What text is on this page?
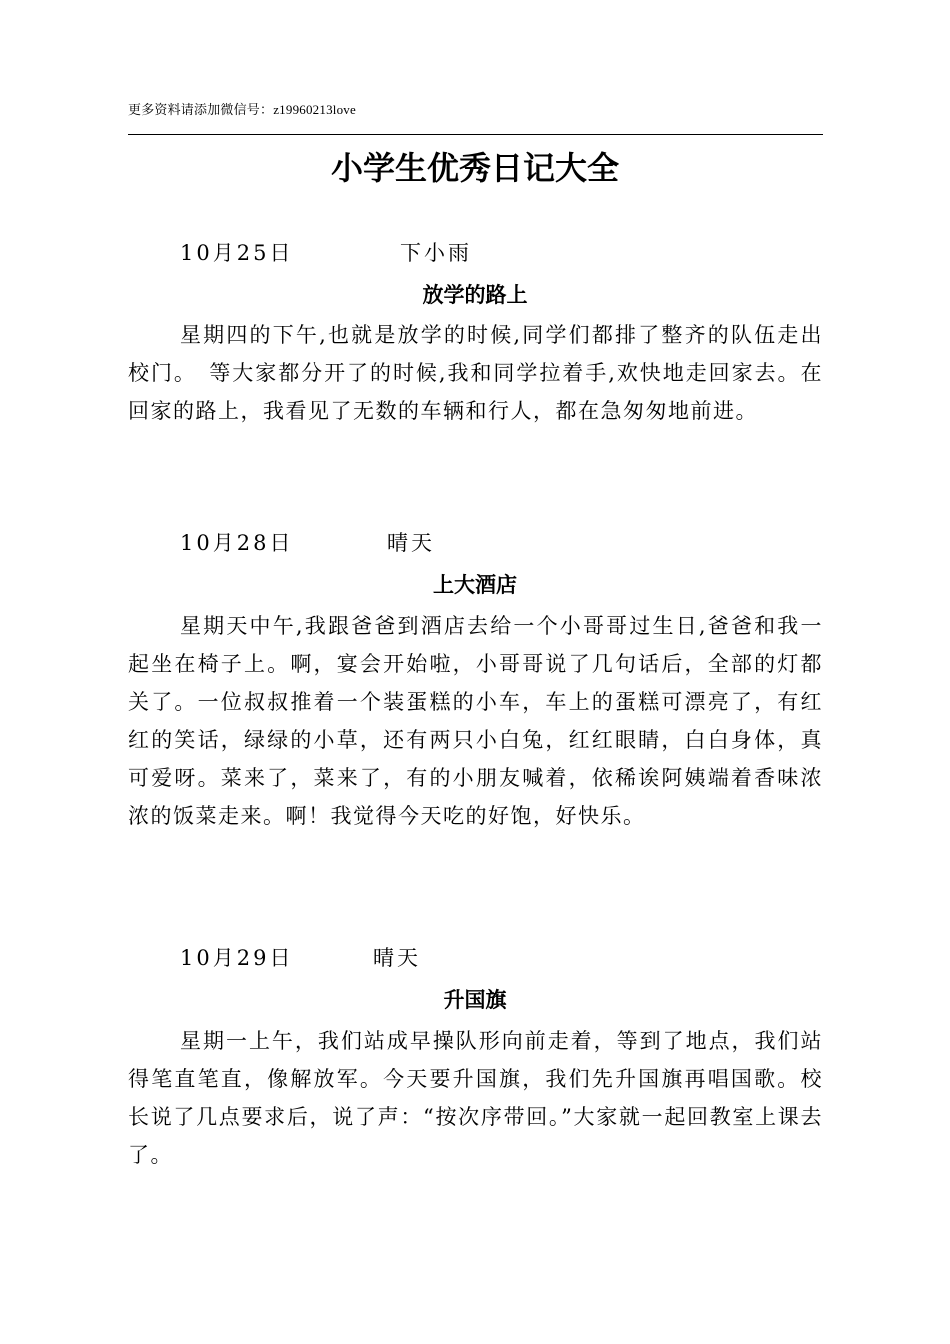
更多资料请添加微信号：z19960213love
小学生优秀日记大全
10月25日	下小雨
放学的路上

星期四的下午,也就是放学的时候,同学们都排了整齐的队伍走出校门。　等大家都分开了的时候,我和同学拉着手,欢快地走回家去。在回家的路上，我看见了无数的车辆和行人，都在急匆匆地前进。

10月28日	晴天
上大酒店

星期天中午,我跟爸爸到酒店去给一个小哥哥过生日,爸爸和我一起坐在椅子上。啊，宴会开始啦，小哥哥说了几句话后，全部的灯都关了。一位叔叔推着一个装蛋糕的小车，车上的蛋糕可漂亮了，有红红的笑话，绿绿的小草，还有两只小白兔，红红眼睛，白白身体，真可爱呀。菜来了，菜来了，有的小朋友喊着，依稀诶阿姨端着香味浓浓的饭菜走来。啊！我觉得今天吃的好饱，好快乐。

10月29日	晴天
升国旗

星期一上午，我们站成早操队形向前走着，等到了地点，我们站得笔直笔直，像解放军。今天要升国旗，我们先升国旗再唱国歌。校长说了几点要求后，说了声：“按次序带回。”大家就一起回教室上课去了。
